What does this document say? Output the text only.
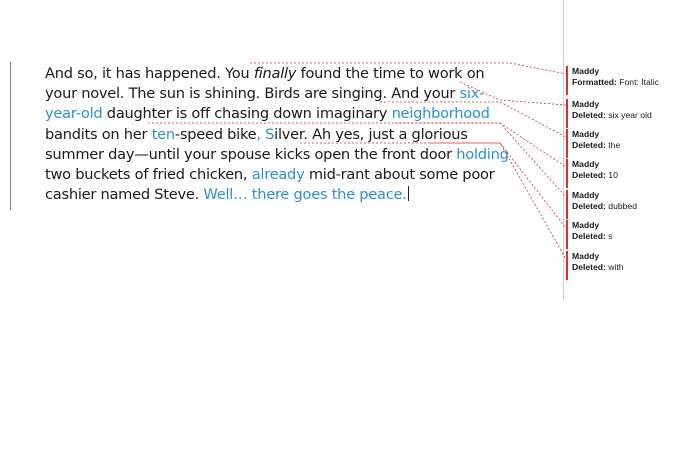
And so, it has happened. You finally found the time to work on
your novel. The sun is shining. Birds are singing. And your six-
year-old daughter is off chasing down imaginary neighborhood
bandits on her ten-speed bike, Silver. Ah yes, just a glorious
summer day—until your spouse kicks open the front door holding
two buckets of fried chicken, already mid-rant about some poor
cashier named Steve. Well… there goes the peace.
Maddy
Formatted: Font: Italic
Maddy
Deleted: six year old
Maddy
Deleted: the
Maddy
Deleted: 10
Maddy
Deleted: dubbed
Maddy
Deleted: s
Maddy
Deleted: with
